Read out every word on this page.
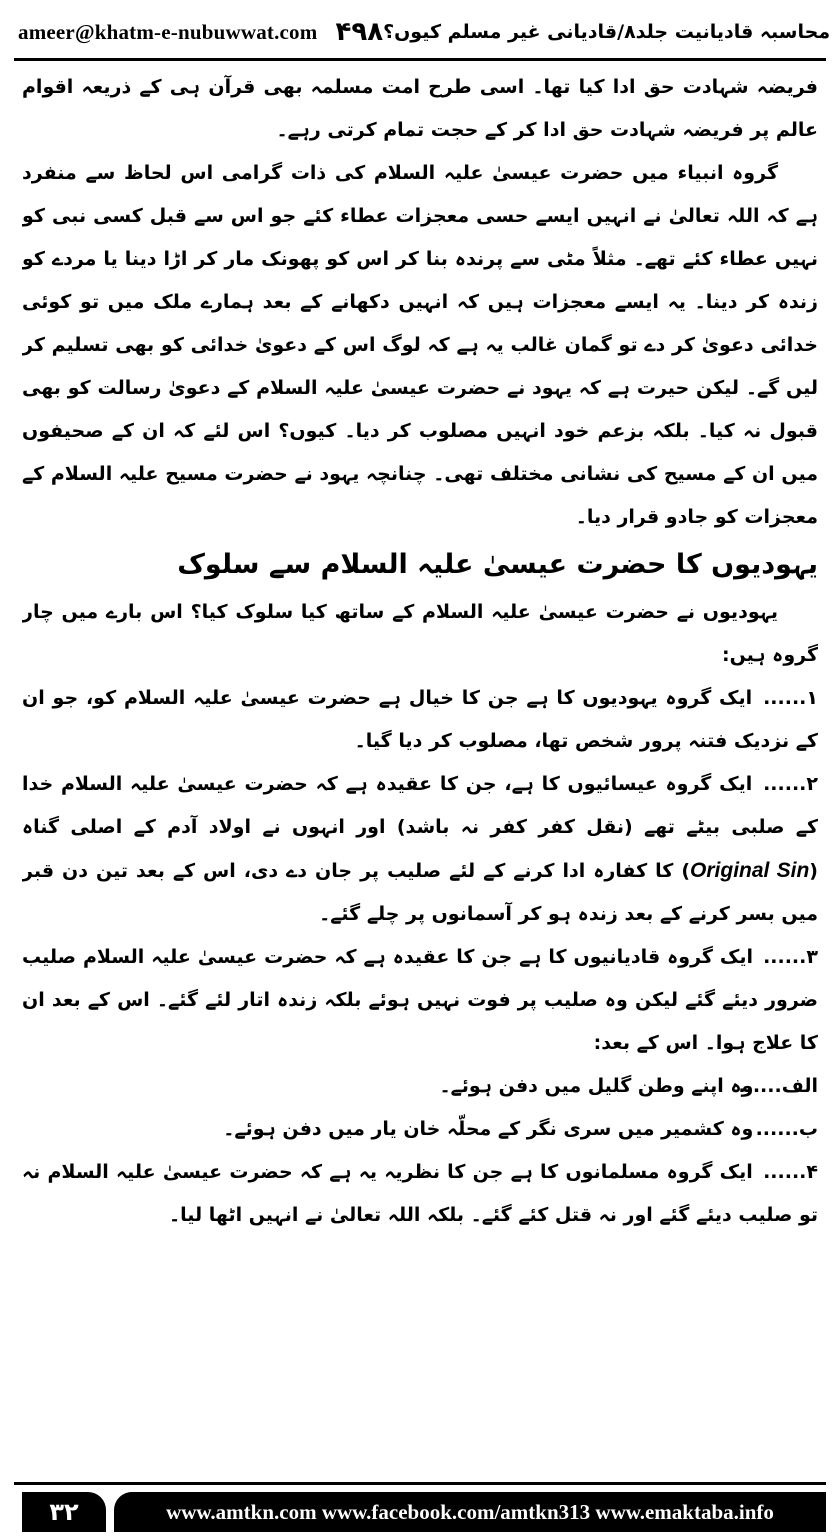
ameer@khatm-e-nubuwwat.com ۴۹۸ محاسبہ قادیانیت جلد۸/قادیانی غیر مسلم کیوں؟

فریضہ شہادت حق ادا کیا تھا۔ اسی طرح امت مسلمہ بھی قرآن ہی کے ذریعہ اقوام عالم پر فریضہ شہادت حق ادا کر کے حجت تمام کرتی رہے۔

گروہ انبیاء میں حضرت عیسیٰ علیہ السلام کی ذات گرامی اس لحاظ سے منفرد ہے کہ اللہ تعالیٰ نے انہیں ایسے حسی معجزات عطاء کئے جو اس سے قبل کسی نبی کو نہیں عطاء کئے تھے۔ مثلاً مٹی سے پرندہ بنا کر اس کو پھونک مار کر اڑا دینا یا مردے کو زندہ کر دینا۔ یہ ایسے معجزات ہیں کہ انہیں دکھانے کے بعد ہمارے ملک میں تو کوئی خدائی دعویٰ کر دے تو گمان غالب یہ ہے کہ لوگ اس کے دعویٰ خدائی کو بھی تسلیم کر لیں گے۔ لیکن حیرت ہے کہ یہود نے حضرت عیسیٰ علیہ السلام کے دعویٰ رسالت کو بھی قبول نہ کیا۔ بلکہ بزعم خود انہیں مصلوب کر دیا۔ کیوں؟ اس لئے کہ ان کے صحیفوں میں ان کے مسیح کی نشانی مختلف تھی۔ چنانچہ یہود نے حضرت مسیح علیہ السلام کے معجزات کو جادو قرار دیا۔

یہودیوں کا حضرت عیسیٰ علیہ السلام سے سلوک

یہودیوں نے حضرت عیسیٰ علیہ السلام کے ساتھ کیا سلوک کیا؟ اس بارے میں چار گروہ ہیں:

۱...... ایک گروہ یہودیوں کا ہے جن کا خیال ہے حضرت عیسیٰ علیہ السلام کو، جو ان کے نزدیک فتنہ پرور شخص تھا، مصلوب کر دیا گیا۔

۲...... ایک گروہ عیسائیوں کا ہے، جن کا عقیدہ ہے کہ حضرت عیسیٰ علیہ السلام خدا کے صلبی بیٹے تھے (نقل کفر کفر نہ باشد) اور انہوں نے اولاد آدم کے اصلی گناہ (Original Sin) کا کفارہ ادا کرنے کے لئے صلیب پر جان دے دی، اس کے بعد تین دن قبر میں بسر کرنے کے بعد زندہ ہو کر آسمانوں پر چلے گئے۔

۳...... ایک گروہ قادیانیوں کا ہے جن کا عقیدہ ہے کہ حضرت عیسیٰ علیہ السلام صلیب ضرور دیئے گئے لیکن وہ صلیب پر فوت نہیں ہوئے بلکہ زندہ اتار لئے گئے۔ اس کے بعد ان کا علاج ہوا۔ اس کے بعد:

الف...... وہ اپنے وطن گلیل میں دفن ہوئے۔

ب...... وہ کشمیر میں سری نگر کے محلّہ خان یار میں دفن ہوئے۔

۴...... ایک گروہ مسلمانوں کا ہے جن کا نظریہ یہ ہے کہ حضرت عیسیٰ علیہ السلام نہ تو صلیب دیئے گئے اور نہ قتل کئے گئے۔ بلکہ اللہ تعالیٰ نے انہیں اٹھا لیا۔

۳۲	www.amtkn.com www.facebook.com/amtkn313 www.emaktaba.info
